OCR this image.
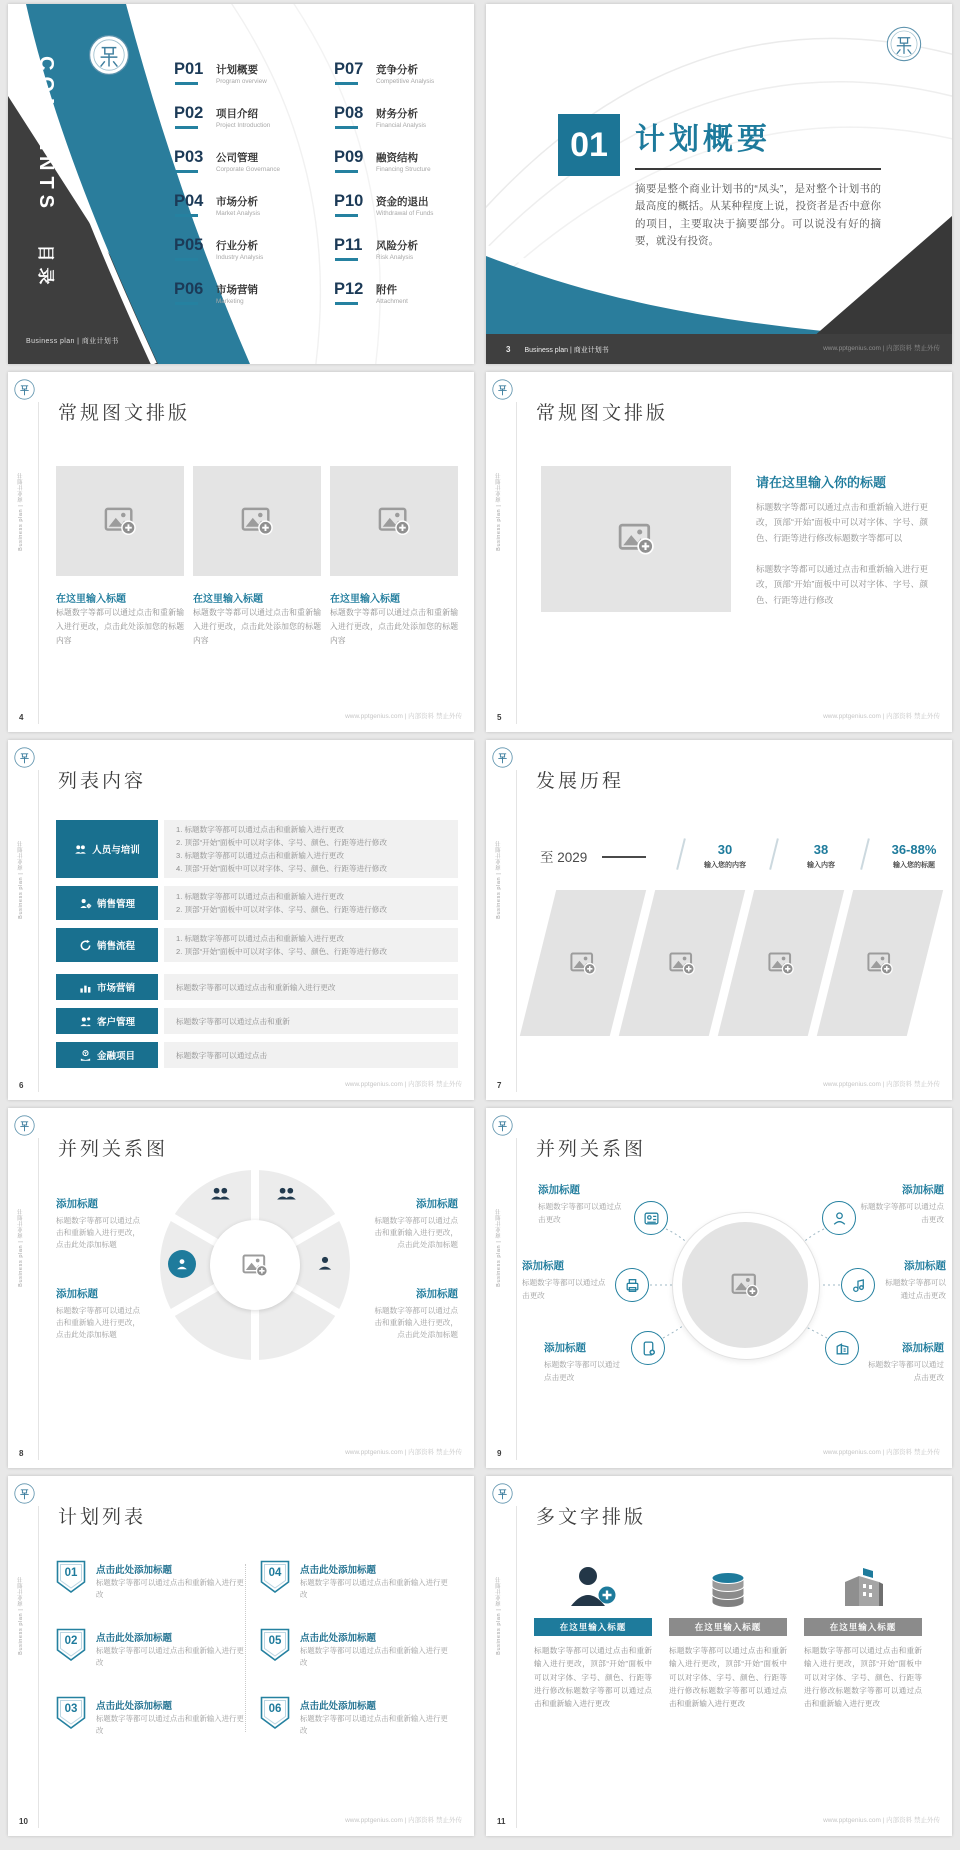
CONTENTS 目录
P01	计划概要
Program overview
P02	项目介绍
Project Introduction
P03	公司管理
Corporate Governance
P04	市场分析
Market Analysis
P05	行业分析
Industry Analysis
P06	市场营销
Marketing
P07	竞争分析
Competitive Analysis
P08	财务分析
Financial Analysis
P09	融资结构
Financing Structure
P10	资金的退出
Withdrawal of Funds
P11	风险分析
Risk Analysis
P12	附件
Attachment
Business plan | 商业计划书
01 计划概要
摘要是整个商业计划书的“凤头”，是对整个计划书的最高度的概括。从某种程度上说，投资者是否中意你的项目，主要取决于摘要部分。可以说没有好的摘要，就没有投资。
3 Business plan | 商业计划书	www.pptgenius.com | 内部资料 禁止外传
Business plan | 商业计划书
常规图文排版
在这里输入标题	在这里输入标题	在这里输入标题
标题数字等都可以通过点击和重新输入进行更改，点击此处添加您的标题内容
标题数字等都可以通过点击和重新输入进行更改，点击此处添加您的标题内容
标题数字等都可以通过点击和重新输入进行更改，点击此处添加您的标题内容
4	www.pptgenius.com | 内部资料 禁止外传
Business plan | 商业计划书
常规图文排版
请在这里输入你的标题
标题数字等都可以通过点击和重新输入进行更改，顶部“开始”面板中可以对字体、字号、颜色、行距等进行修改标题数字等都可以
标题数字等都可以通过点击和重新输入进行更改，顶部“开始”面板中可以对字体、字号、颜色、行距等进行修改
5	www.pptgenius.com | 内部资料 禁止外传
Business plan | 商业计划书
列表内容
人员与培训
1. 标题数字等都可以通过点击和重新输入进行更改
2. 顶部“开始”面板中可以对字体、字号、颜色、行距等进行修改
3. 标题数字等都可以通过点击和重新输入进行更改
4. 顶部“开始”面板中可以对字体、字号、颜色、行距等进行修改
销售管理
1. 标题数字等都可以通过点击和重新输入进行更改
2. 顶部“开始”面板中可以对字体、字号、颜色、行距等进行修改
销售流程
1. 标题数字等都可以通过点击和重新输入进行更改
2. 顶部“开始”面板中可以对字体、字号、颜色、行距等进行修改
市场营销	标题数字等都可以通过点击和重新输入进行更改
客户管理	标题数字等都可以通过点击和重新
金融项目	标题数字等都可以通过点击
6	www.pptgenius.com | 内部资料 禁止外传
Business plan | 商业计划书
发展历程
至 2029
30
输入您的内容
38
输入内容
36-88%
输入您的标题
7	www.pptgenius.com | 内部资料 禁止外传
Business plan | 商业计划书
并列关系图
添加标题
标题数字等都可以通过点击和重新输入进行更改，点击此处添加标题
添加标题
标题数字等都可以通过点击和重新输入进行更改，点击此处添加标题
添加标题
标题数字等都可以通过点击和重新输入进行更改，点击此处添加标题
添加标题
标题数字等都可以通过点击和重新输入进行更改，点击此处添加标题
8	www.pptgenius.com | 内部资料 禁止外传
Business plan | 商业计划书
并列关系图
添加标题
标题数字等都可以通过点击更改
添加标题
标题数字等都可以通过点击更改
添加标题
标题数字等都可以通过点击更改
添加标题
标题数字等都可以通过点击更改
添加标题
标题数字等都可以通过点击更改
添加标题
标题数字等都可以通过点击更改
9	www.pptgenius.com | 内部资料 禁止外传
Business plan | 商业计划书
计划列表
01	点击此处添加标题
标题数字等都可以通过点击和重新输入进行更改
02	点击此处添加标题
标题数字等都可以通过点击和重新输入进行更改
03	点击此处添加标题
标题数字等都可以通过点击和重新输入进行更改
04	点击此处添加标题
标题数字等都可以通过点击和重新输入进行更改
05	点击此处添加标题
标题数字等都可以通过点击和重新输入进行更改
06	点击此处添加标题
标题数字等都可以通过点击和重新输入进行更改
10	www.pptgenius.com | 内部资料 禁止外传
Business plan | 商业计划书
多文字排版
在这里输入标题
标题数字等都可以通过点击和重新输入进行更改，顶部“开始”面板中可以对字体、字号、颜色、行距等进行修改标题数字等都可以通过点击和重新输入进行更改
在这里输入标题
标题数字等都可以通过点击和重新输入进行更改，顶部“开始”面板中可以对字体、字号、颜色、行距等进行修改标题数字等都可以通过点击和重新输入进行更改
在这里输入标题
标题数字等都可以通过点击和重新输入进行更改，顶部“开始”面板中可以对字体、字号、颜色、行距等进行修改标题数字等都可以通过点击和重新输入进行更改
11	www.pptgenius.com | 内部资料 禁止外传
